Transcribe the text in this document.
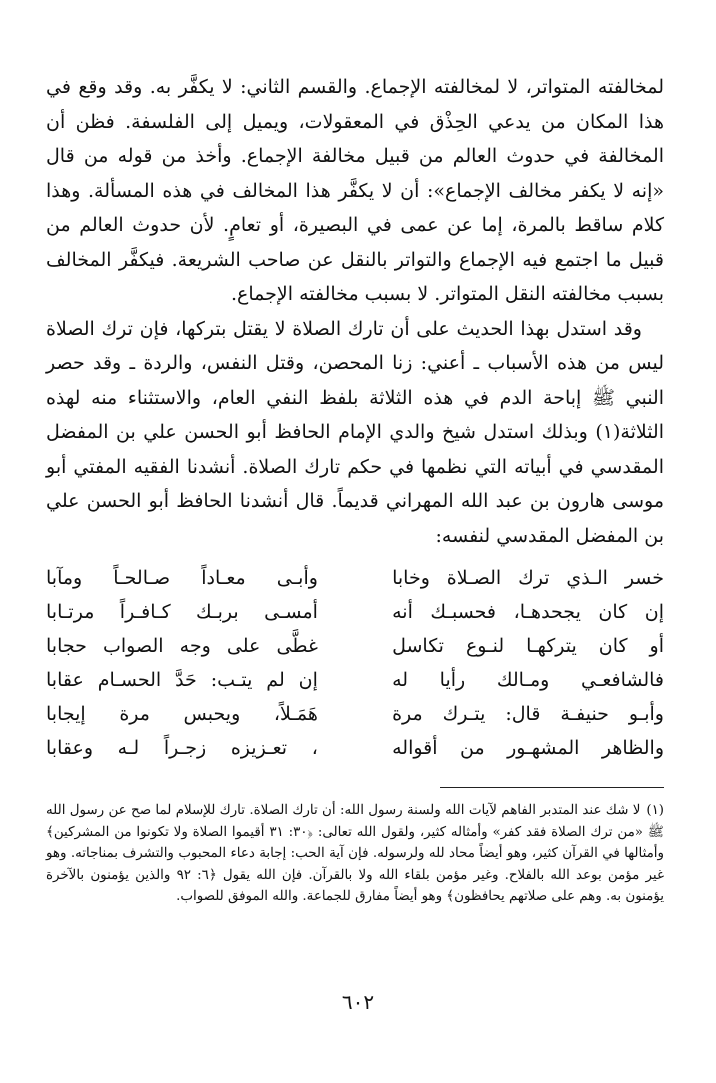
لمخالفته المتواتر، لا لمخالفته الإجماع. والقسم الثاني: لا يكفَّر به. وقد وقع في هذا المكان من يدعي الحِذْق في المعقولات، ويميل إلى الفلسفة. فظن أن المخالفة في حدوث العالم من قبيل مخالفة الإجماع. وأخذ من قوله من قال «إنه لا يكفر مخالف الإجماع»: أن لا يكفَّر هذا المخالف في هذه المسألة. وهذا كلام ساقط بالمرة، إما عن عمى في البصيرة، أو تعامٍ. لأن حدوث العالم من قبيل ما اجتمع فيه الإجماع والتواتر بالنقل عن صاحب الشريعة. فيكفَّر المخالف بسبب مخالفته النقل المتواتر. لا بسبب مخالفته الإجماع.

وقد استدل بهذا الحديث على أن تارك الصلاة لا يقتل بتركها، فإن ترك الصلاة ليس من هذه الأسباب ـ أعني: زنا المحصن، وقتل النفس، والردة ـ وقد حصر النبي ﷺ إباحة الدم في هذه الثلاثة بلفظ النفي العام، والاستثناء منه لهذه الثلاثة(١) وبذلك استدل شيخ والدي الإمام الحافظ أبو الحسن علي بن المفضل المقدسي في أبياته التي نظمها في حكم تارك الصلاة. أنشدنا الفقيه المفتي أبو موسى هارون بن عبد الله المهراني قديماً. قال أنشدنا الحافظ أبو الحسن علي بن المفضل المقدسي لنفسه:

خسر الـذي ترك الصـلاة وخابا
وأبـى معـاداً صـالحـاً ومآبا
إن كان يجحدهـا، فحسبـك أنه
أمسـى بربـك كـافـراً مرتـابا
أو كان يتركهـا لنـوع تكاسل
غطَّى على وجه الصواب حجابا
فالشافعـي ومـالك رأيا له
إن لم يتـب: حَدَّ الحسـام عقابا
وأبـو حنيفـة قال: يتـرك مرة
هَمَـلاً، ويحبس مرة إيجابا
والظاهر المشهـور من أقواله
، تعـزيزه زجـراً لـه وعقابا

(١)لا شك عند المتدبر الفاهم لآيات الله ولسنة رسول الله: أن تارك الصلاة. تارك للإسلام لما صح عن رسول الله ﷺ «من ترك الصلاة فقد كفر» وأمثاله كثير، ولقول الله تعالى: ﴿٣٠: ٣١ أقيموا الصلاة ولا تكونوا من المشركين﴾ وأمثالها في القرآن كثير، وهو أيضاً محاد لله ولرسوله. فإن آية الحب: إجابة دعاء المحبوب والتشرف بمناجاته. وهو غير مؤمن بوعد الله بالفلاح. وغير مؤمن بلقاء الله ولا بالقرآن. فإن الله يقول ﴿٦: ٩٢ والذين يؤمنون بالآخرة يؤمنون به. وهم على صلاتهم يحافظون﴾ وهو أيضاً مفارق للجماعة. والله الموفق للصواب.

٦٠٢
